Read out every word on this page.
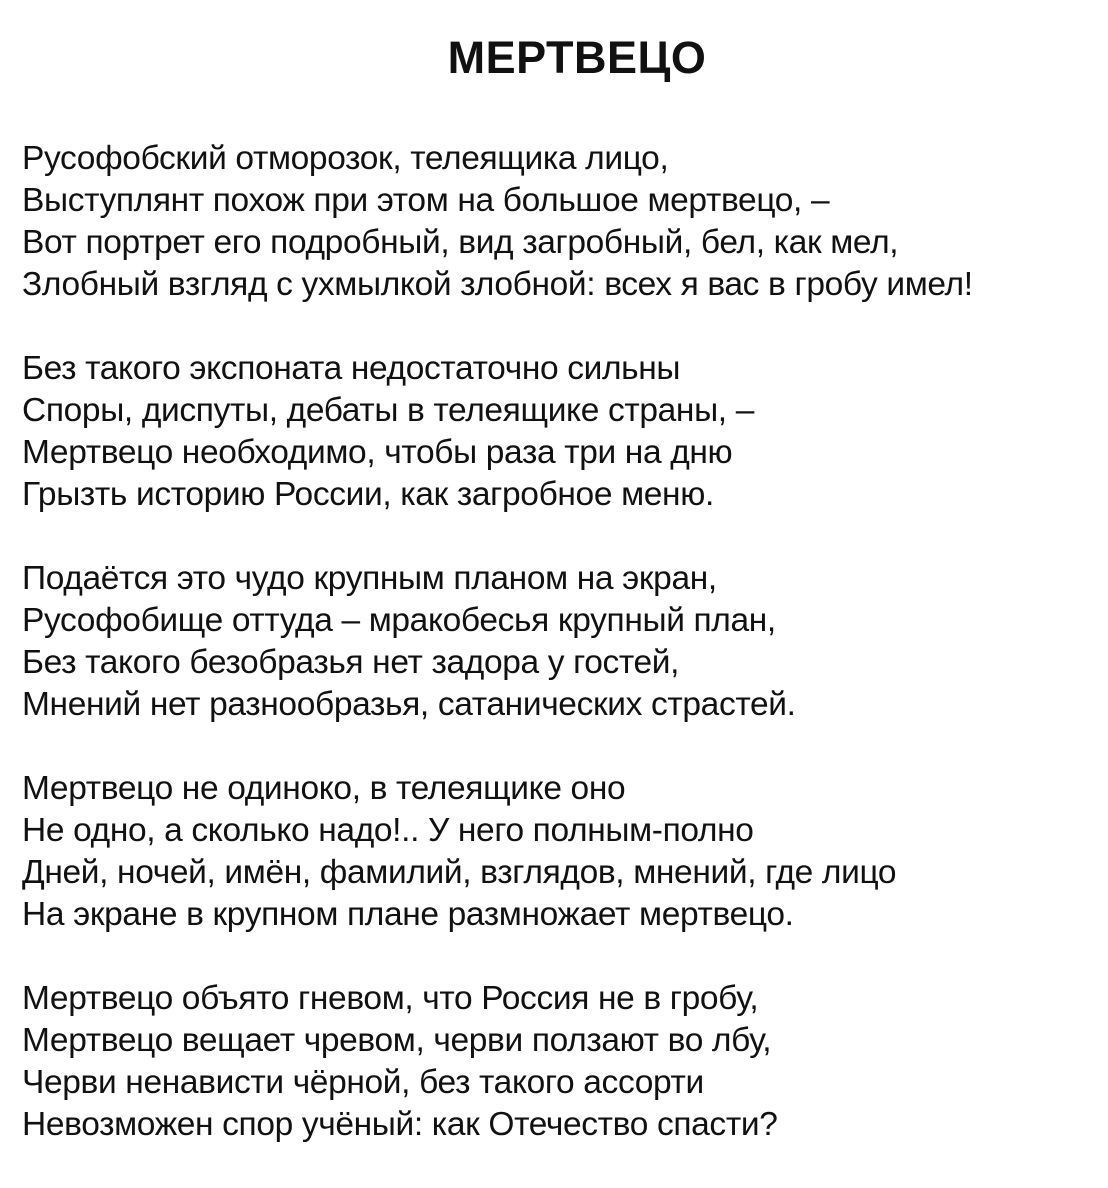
МЕРТВЕЦО
Русофобский отморозок, телеящика лицо,
Выступлянт похож при этом на большое мертвецо, –
Вот портрет его подробный, вид загробный, бел, как мел,
Злобный взгляд с ухмылкой злобной: всех я вас в гробу имел!
Без такого экспоната недостаточно сильны
Споры, диспуты, дебаты в телеящике страны, –
Мертвецо необходимо, чтобы раза три на дню
Грызть историю России, как загробное меню.
Подаётся это чудо крупным планом на экран,
Русофобище оттуда – мракобесья крупный план,
Без такого безобразья нет задора у гостей,
Мнений нет разнообразья, сатанических страстей.
Мертвецо не одиноко, в телеящике оно
Не одно, а сколько надо!.. У него полным-полно
Дней, ночей, имён, фамилий, взглядов, мнений, где лицо
На экране в крупном плане размножает мертвецо.
Мертвецо объято гневом, что Россия не в гробу,
Мертвецо вещает чревом, черви ползают во лбу,
Черви ненависти чёрной, без такого ассорти
Невозможен спор учёный: как Отечество спасти?
